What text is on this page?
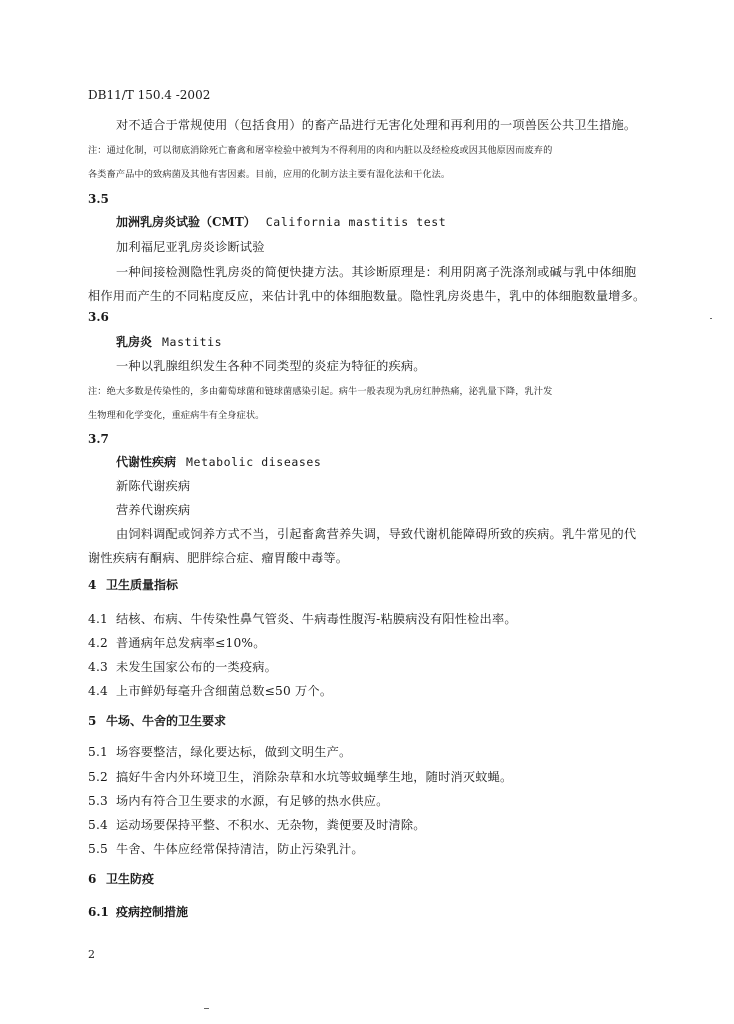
DB11/T 150.4 -2002
对不适合于常规使用（包括食用）的畜产品进行无害化处理和再利用的一项兽医公共卫生措施。
注：通过化制，可以彻底消除死亡畜禽和屠宰检验中被判为不得利用的肉和内脏以及经检疫或因其他原因而废弃的
各类畜产品中的致病菌及其他有害因素。目前，应用的化制方法主要有湿化法和干化法。
3.5
加洲乳房炎试验（CMT） California mastitis test
加利福尼亚乳房炎诊断试验
一种间接检测隐性乳房炎的简便快捷方法。其诊断原理是：利用阴离子洗涤剂或碱与乳中体细胞
相作用而产生的不同粘度反应，来估计乳中的体细胞数量。隐性乳房炎患牛，乳中的体细胞数量增多。
3.6
乳房炎 Mastitis
一种以乳腺组织发生各种不同类型的炎症为特征的疾病。
注：绝大多数是传染性的，多由葡萄球菌和链球菌感染引起。病牛一般表现为乳房红肿热痛，泌乳量下降，乳汁发
生物理和化学变化，重症病牛有全身症状。
3.7
代谢性疾病 Metabolic diseases
新陈代谢疾病
营养代谢疾病
由饲料调配或饲养方式不当，引起畜禽营养失调，导致代谢机能障碍所致的疾病。乳牛常见的代
谢性疾病有酮病、肥胖综合症、瘤胃酸中毒等。
4 卫生质量指标
4.1 结核、布病、牛传染性鼻气管炎、牛病毒性腹泻-粘膜病没有阳性检出率。
4.2 普通病年总发病率≤10%。
4.3 未发生国家公布的一类疫病。
4.4 上市鲜奶每毫升含细菌总数≤50 万个。
5 牛场、牛舍的卫生要求
5.1 场容要整洁，绿化要达标，做到文明生产。
5.2 搞好牛舍内外环境卫生，消除杂草和水坑等蚊蝇孳生地，随时消灭蚊蝇。
5.3 场内有符合卫生要求的水源，有足够的热水供应。
5.4 运动场要保持平整、不积水、无杂物，粪便要及时清除。
5.5 牛舍、牛体应经常保持清洁，防止污染乳汁。
6 卫生防疫
6.1 疫病控制措施
2
